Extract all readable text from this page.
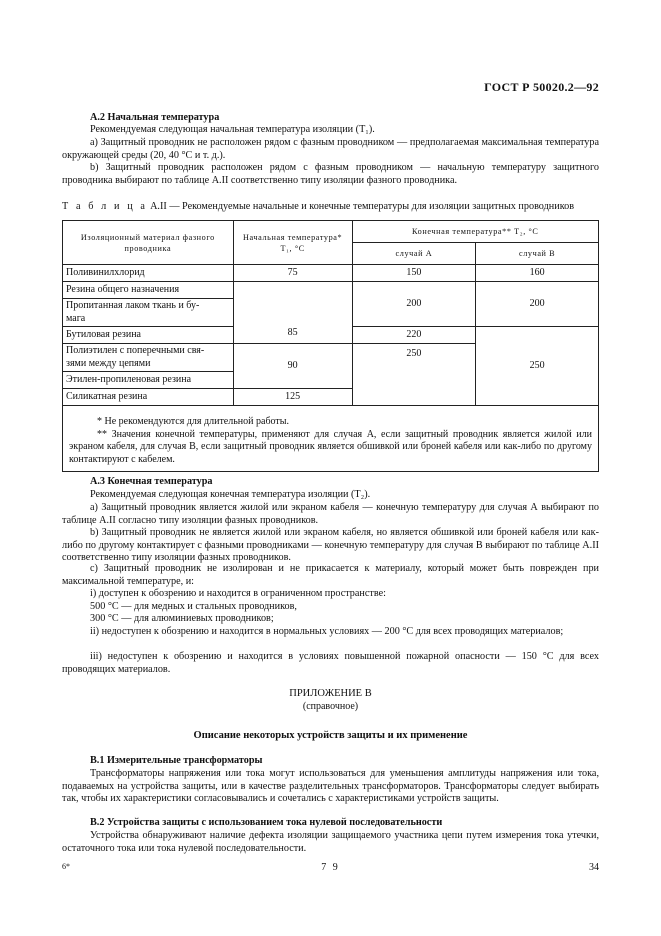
ГОСТ Р 50020.2—92
А.2 Начальная температура

Рекомендуемая следующая начальная температура изоляции (T₁).

а) Защитный проводник не расположен рядом с фазным проводником — предполагаемая максимальная температура окружающей среды (20, 40 °С и т. д.).

b) Защитный проводник расположен рядом с фазным проводником — начальную температуру защитного проводника выбирают по таблице А.II соответственно типу изоляции фазного проводника.

Т а б л и ц а А.II — Рекомендуемые начальные и конечные температуры для изоляции защитных проводников
Изоляционный материал фазного проводника	Начальная температура* T₁, °С	Конечная температура** T₂, °С	
		случай А	случай В
Поливинилхлорид	75	150	160
Резина общего назначения	85	200	200
Пропитанная лаком ткань и бу-
мага			
Бутиловая резина		220	250
Полиэтилен с поперечными свя-
зями между цепями	90	250	
Этилен-пропиленовая резина			
Силикатная резина	125		

* Не рекомендуются для длительной работы.
** Значения конечной температуры, применяют для случая А, если защитный проводник является жилой или экраном кабеля, для случая В, если защитный проводник является обшивкой или броней кабеля или как-либо по другому контактируют с кабелем.			
А.3 Конечная температура

Рекомендуемая следующая конечная температура изоляции (T₂).

а) Защитный проводник является жилой или экраном кабеля — конечную температуру для случая А выбирают по таблице А.II согласно типу изоляции фазных проводников.

b) Защитный проводник не является жилой или экраном кабеля, но является обшивкой или броней кабеля или как-либо по другому контактирует с фазными проводниками — конечную температуру для случая В выбирают по таблице А.II соответственно типу изоляции фазных проводников.

с) Защитный проводник не изолирован и не прикасается к материалу, который может быть поврежден при максимальной температуре, и:

i) доступен к обозрению и находится в ограниченном пространстве:

500 °С — для медных и стальных проводников,

300 °С — для алюминиевых проводников;

ii) недоступен к обозрению и находится в нормальных условиях — 200 °С для всех проводящих материалов;

iii) недоступен к обозрению и находится в условиях повышенной пожарной опасности — 150 °С для всех проводящих материалов.

ПРИЛОЖЕНИЕ В
(справочное)
Описание некоторых устройств защиты и их применение
В.1 Измерительные трансформаторы

Трансформаторы напряжения или тока могут использоваться для уменьшения амплитуды напряжения или тока, подаваемых на устройства защиты, или в качестве разделительных трансформаторов. Трансформаторы следует выбирать так, чтобы их характеристики согласовывались и сочетались с характеристиками устройств защиты.

В.2 Устройства защиты с использованием тока нулевой последовательности

Устройства обнаруживают наличие дефекта изоляции защищаемого участника цепи путем измерения тока утечки, остаточного тока или тока нулевой последовательности.

6*	7 9	34
